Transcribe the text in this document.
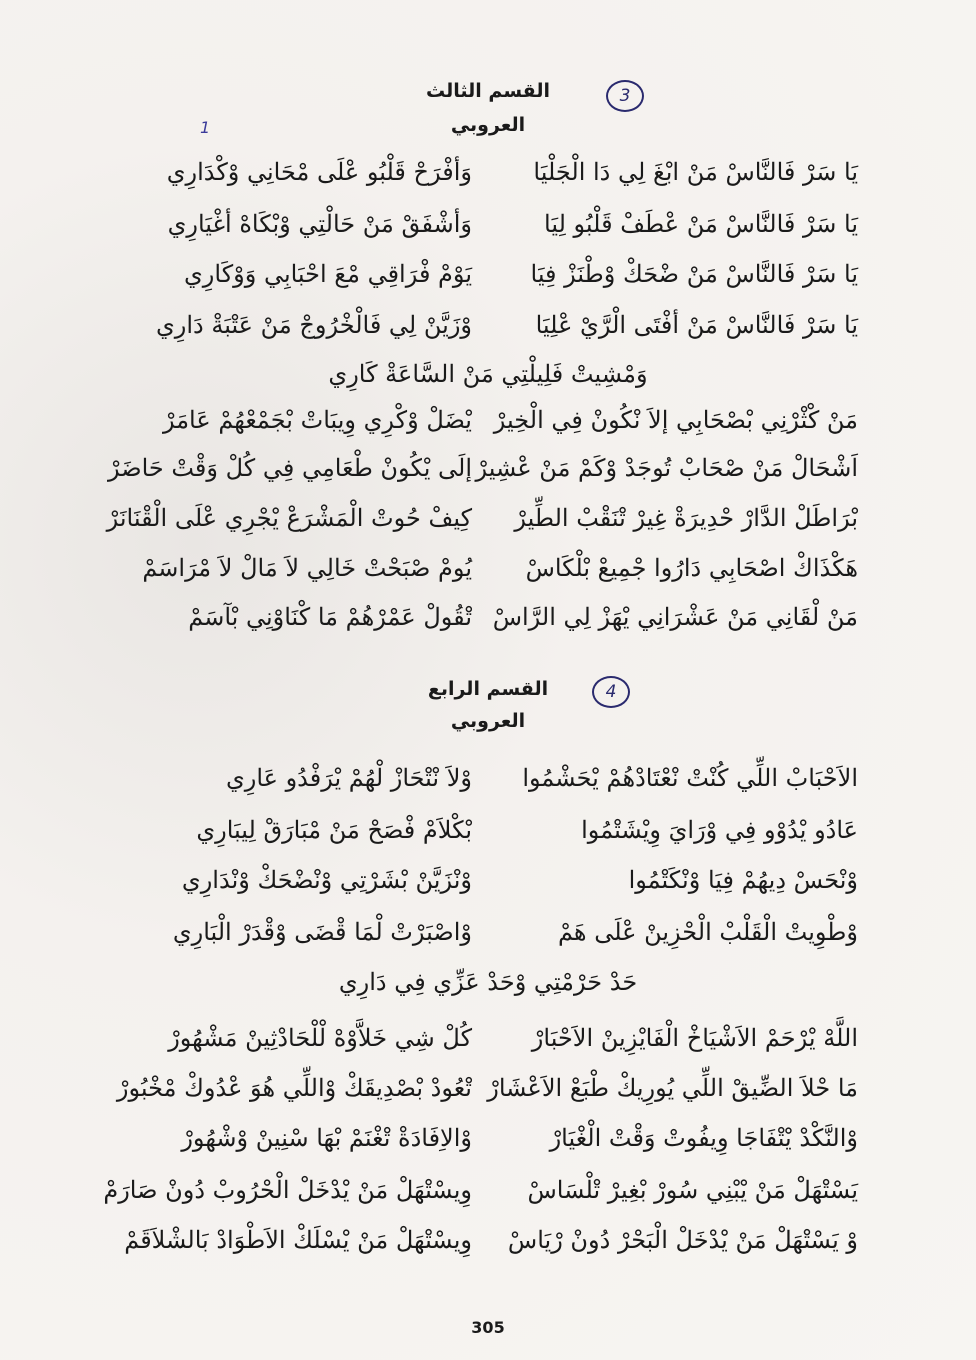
3
القسم الثالث
العروبي
1
يَا سَرْ فَالنَّاسْ مَنْ ابْغَ لِي دَا الْجَلْيَا
وَأفْرَحْ قَلْبُو عْلَى مْحَانِي وْكْدَارِي
يَا سَرْ فَالنَّاسْ مَنْ عْطَفْ قَلْبُو لِيَا
وَأشْفَقْ مَنْ حَالْتِي وْبْكَاهْ أغْيَارِي
يَا سَرْ فَالنَّاسْ مَنْ ضْحَكْ وْطْنَزْ فِيَا
يَوْمْ فْرَاقِي مْعَ احْبَابِي وَوْكَارِي
يَا سَرْ فَالنَّاسْ مَنْ أفْتَى الْرَّيْ عْلِيَا
وْزَيَّنْ لِي فَالْخْرُوجْ مَنْ عَتْبَةْ دَارِي
وَمْشِيتْ فَلِيلْتِي مَنْ السَّاعَةْ كَارِي
مَنْ كْثْرْنِي بْصْحَابِي إلاَ نْكُونْ فِي الْخِيرْ
يْضَلْ وْكْرِي وِيبَاتْ بْجَمْعْهُمْ عَامَرْ
اَشْحَالْ مَنْ صْحَابْ تُوجَدْ وْكَمْ مَنْ عْشِيرْ
إلَى يْكُونْ طْعَامِي فِي كُلْ وَقْتْ حَاضَرْ
بْرَاطَلْ الدَّارْ حْدِيرَةْ غِيرْ تْنَقْبْ الطِّيرْ
كِيفْ حُوتْ الْمَشْرَعْ يْجْرِي عْلَى الْقْنَانَرْ
هَكْذَاكْ اصْحَابِي دَارُوا جْمِيعْ بْلْكَاسْ
يُومْ صْبَحْتْ خَالِي لاَ مَالْ لاَ مْرَاسَمْ
مَنْ لْقَانِي مَنْ عَشْرَانِي يْهَزْ لِي الرَّاسْ
تْقُولْ عَمْرْهُمْ مَا كْنَاوْنِي بْآسَمْ
4
القسم الرابع
العروبي
الاَحْبَابْ اللِّي كُنْتْ نْعْتَادْهُمْ يْحَشْمُوا
وْلاَ نْتْحَازْ لْهُمْ يْرَفْدُو عَارِي
عَادُو يْدُوْو فِي وْرَايَ وِيْشَتْمُوا
بْكْلاَمْ فْصَحْ مَنْ مْبَارَقْ لِيبَارِي
وْنْحَسْ دِيهُمْ فِيَا وْنْكَتْمُوا
وْنْزَيَّنْ بْشَرْتِي وْنْضْحَكْ وْنْدَارِي
وْطْوِيتْ الْقَلْبْ الْحْزِينْ عْلَى هَمْ
وْاصْبَرْتْ لْمَا قْضَى وْقْدَرْ الْبَارِي
حَدْ حَرْمْتِي وْحَدْ عَزِّي فِي دَارِي
اللَّهْ يْرْحَمْ الاَشْيَاخْ الْفَايْزِينْ الاَحْبَارْ
كُلْ شِي خَلاَّوْهْ لْلْحَادْثِينْ مَشْهُورْ
مَا حْلاَ الضِّيقْ اللِّي يُورِيكْ طْبَعْ الاَعْشَارْ
تْعُودْ بْصْدِيقَكْ وْاللِّي هُوَ عْدُوكْ مْخْبُورْ
وْالنَّكْدْ يْتْفَاجَا وِيفُوتْ وَقْتْ الْغْيَارْ
وْالاِفَادَةْ تْغْنَمْ بْهَا سْنِينْ وْشْهُورْ
يَسْتْهَلْ مَنْ يْبْنِي سُورْ بْغِيرْ تْلْسَاسْ
وِيسْتْهَلْ مَنْ يْدْخَلْ الْحْرُوبْ دُونْ صَارَمْ
وْ يَسْتْهَلْ مَنْ يْدْخَلْ الْبَحْرْ دُونْ رْيَاسْ
وِيسْتْهَلْ مَنْ يْسْلَكْ الاَطْوَادْ بَالشْلاَقَمْ
305
